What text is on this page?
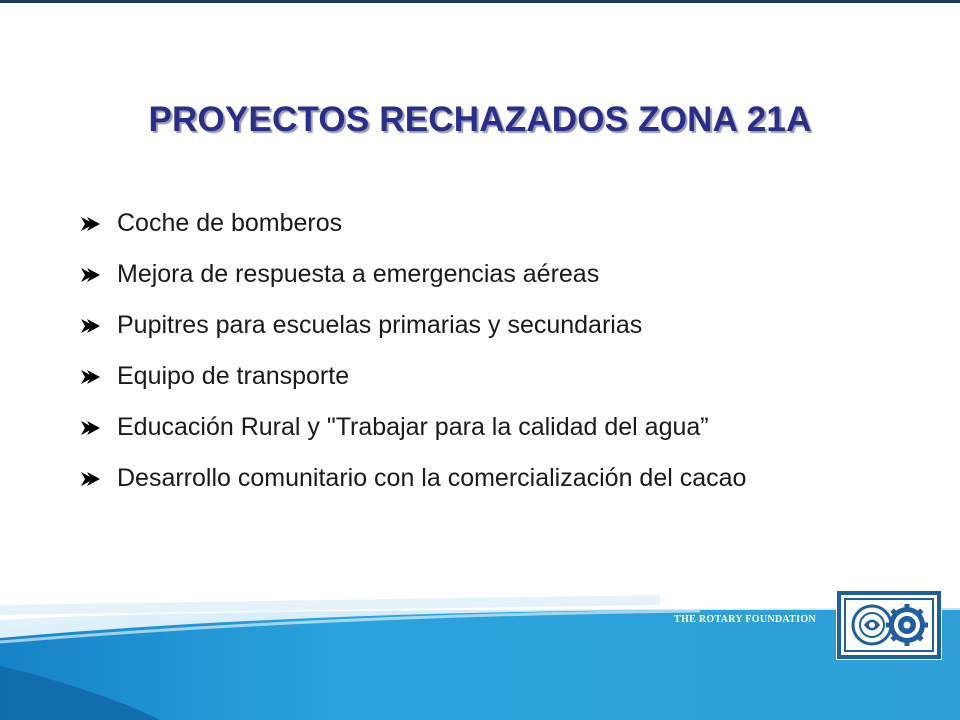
PROYECTOS RECHAZADOS ZONA 21A
Coche de bomberos
Mejora de respuesta a emergencias aéreas
Pupitres para escuelas primarias y secundarias
Equipo de transporte
Educación Rural y "Trabajar para la calidad del agua”
Desarrollo comunitario con la comercialización del cacao
THE ROTARY FOUNDATION
